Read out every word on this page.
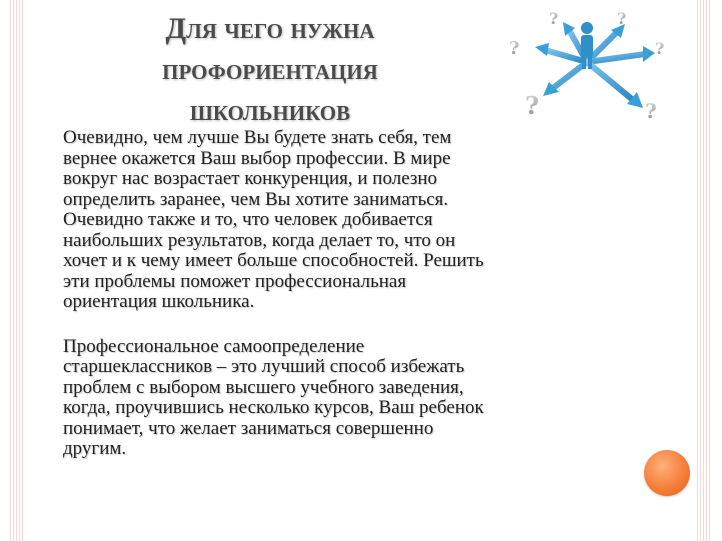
Для чего нужна
профориентация
школьников
?	?
?	?
?	?

Очевидно, чем лучше Вы будете знать себя, тем
вернее окажется Ваш выбор профессии. В мире
вокруг нас возрастает конкуренция, и полезно
определить заранее, чем Вы хотите заниматься.
Очевидно также и то, что человек добивается
наибольших результатов, когда делает то, что он
хочет и к чему имеет больше способностей. Решить
эти проблемы поможет профессиональная
ориентация школьника.

Профессиональное самоопределение
старшеклассников – это лучший способ избежать
проблем с выбором высшего учебного заведения,
когда, проучившись несколько курсов, Ваш ребенок
понимает, что желает заниматься совершенно
другим.
